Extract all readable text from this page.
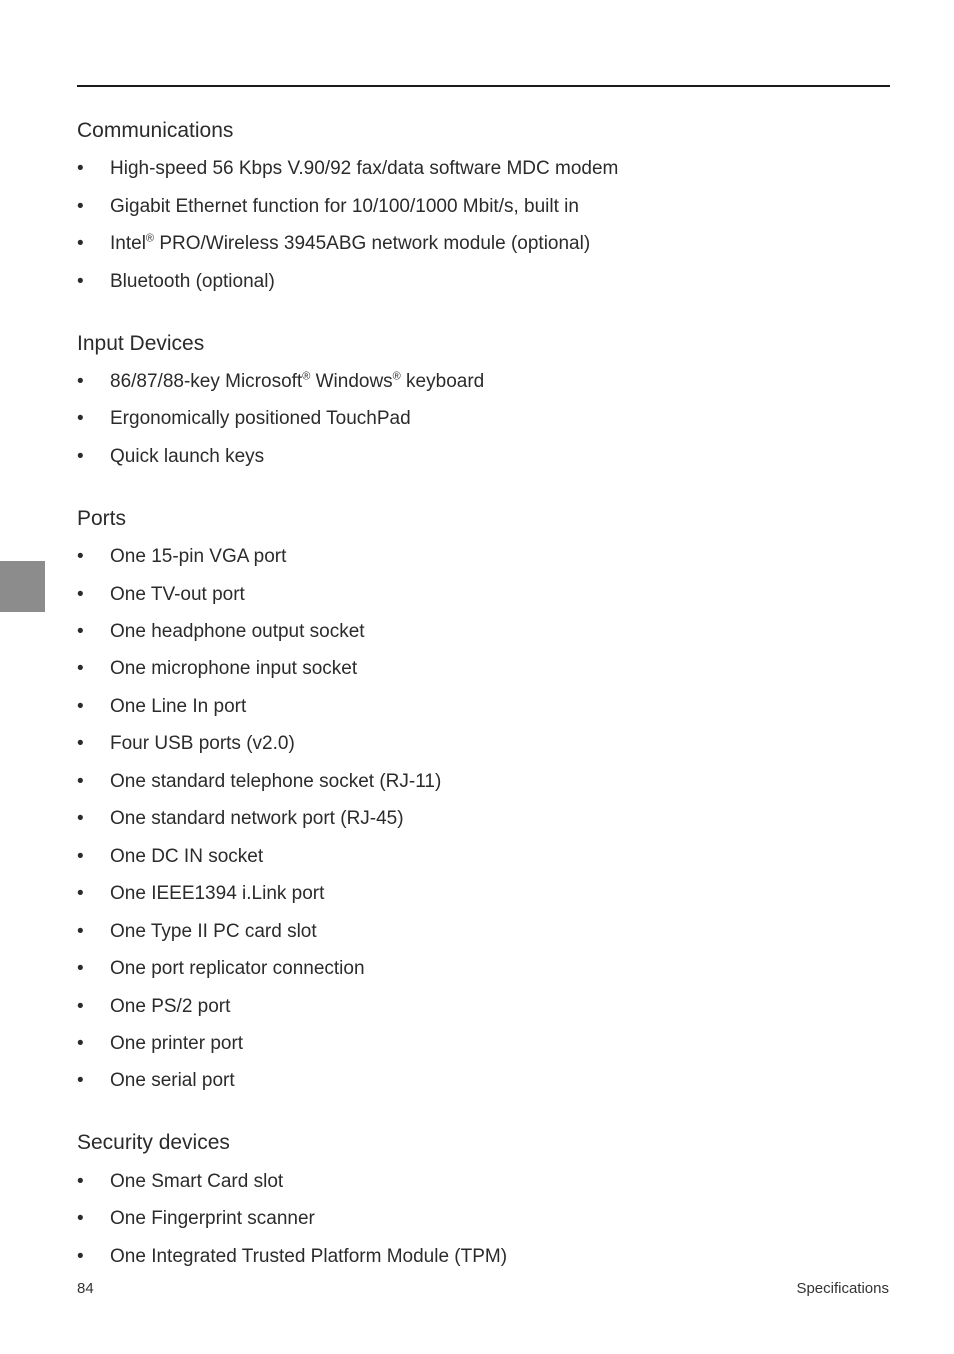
Communications
•
High-speed 56 Kbps V.90/92 fax/data software MDC modem
•
Gigabit Ethernet function for 10/100/1000 Mbit/s, built in
•
Intel® PRO/Wireless 3945ABG network module (optional)
•
Bluetooth (optional)
Input Devices
•
86/87/88-key Microsoft® Windows® keyboard
•
Ergonomically positioned TouchPad
•
Quick launch keys
Ports
•
One 15-pin VGA port
•
One TV-out port
•
One headphone output socket
•
One microphone input socket
•
One Line In port
•
Four USB ports (v2.0)
•
One standard telephone socket (RJ-11)
•
One standard network port (RJ-45)
•
One DC IN socket
•
One IEEE1394 i.Link port
•
One Type II PC card slot
•
One port replicator connection
•
One PS/2 port
•
One printer port
•
One serial port
Security devices
•
One Smart Card slot
•
One Fingerprint scanner
•
One Integrated Trusted Platform Module (TPM)
84	Specifications
